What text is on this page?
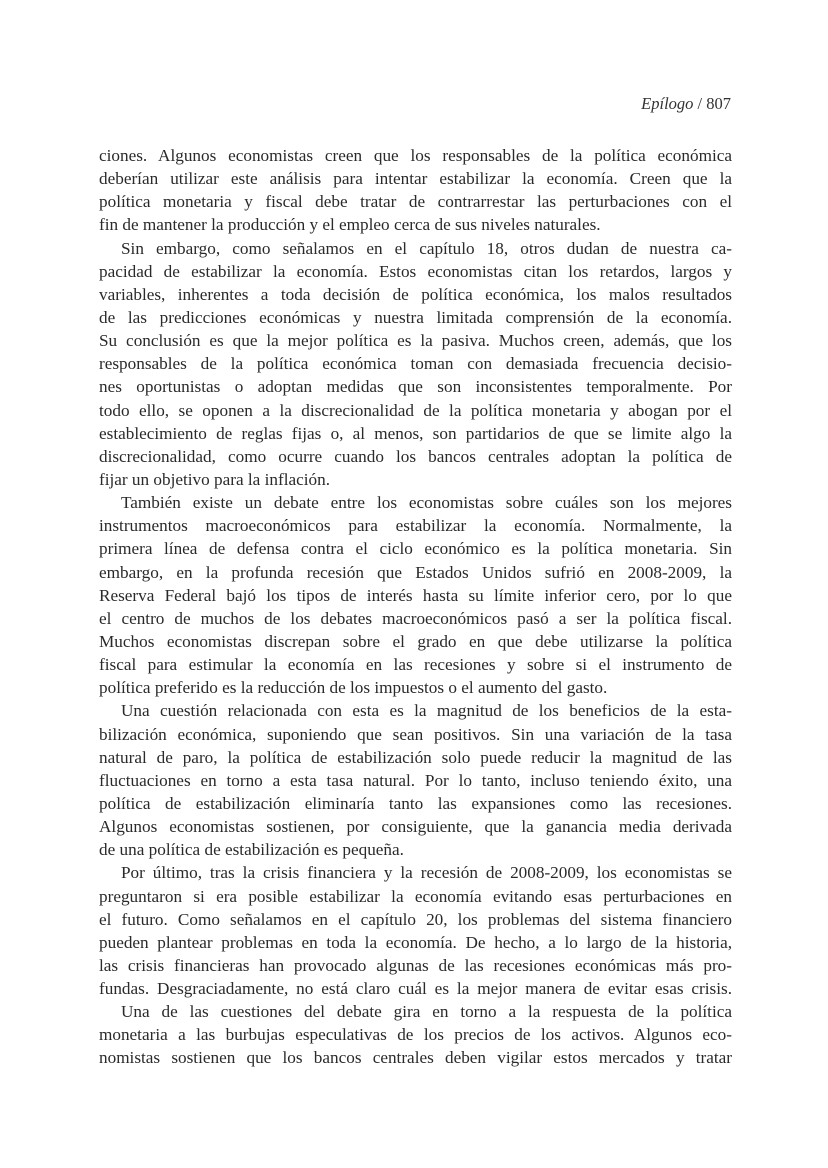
Epílogo / 807
ciones. Algunos economistas creen que los responsables de la política económica
deberían utilizar este análisis para intentar estabilizar la economía. Creen que la
política monetaria y fiscal debe tratar de contrarrestar las perturbaciones con el
fin de mantener la producción y el empleo cerca de sus niveles naturales.
Sin embargo, como señalamos en el capítulo 18, otros dudan de nuestra ca-
pacidad de estabilizar la economía. Estos economistas citan los retardos, largos y
variables, inherentes a toda decisión de política económica, los malos resultados
de las predicciones económicas y nuestra limitada comprensión de la economía.
Su conclusión es que la mejor política es la pasiva. Muchos creen, además, que los
responsables de la política económica toman con demasiada frecuencia decisio-
nes oportunistas o adoptan medidas que son inconsistentes temporalmente. Por
todo ello, se oponen a la discrecionalidad de la política monetaria y abogan por el
establecimiento de reglas fijas o, al menos, son partidarios de que se limite algo la
discrecionalidad, como ocurre cuando los bancos centrales adoptan la política de
fijar un objetivo para la inflación.
También existe un debate entre los economistas sobre cuáles son los mejores
instrumentos macroeconómicos para estabilizar la economía. Normalmente, la
primera línea de defensa contra el ciclo económico es la política monetaria. Sin
embargo, en la profunda recesión que Estados Unidos sufrió en 2008-2009, la
Reserva Federal bajó los tipos de interés hasta su límite inferior cero, por lo que
el centro de muchos de los debates macroeconómicos pasó a ser la política fiscal.
Muchos economistas discrepan sobre el grado en que debe utilizarse la política
fiscal para estimular la economía en las recesiones y sobre si el instrumento de
política preferido es la reducción de los impuestos o el aumento del gasto.
Una cuestión relacionada con esta es la magnitud de los beneficios de la esta-
bilización económica, suponiendo que sean positivos. Sin una variación de la tasa
natural de paro, la política de estabilización solo puede reducir la magnitud de las
fluctuaciones en torno a esta tasa natural. Por lo tanto, incluso teniendo éxito, una
política de estabilización eliminaría tanto las expansiones como las recesiones.
Algunos economistas sostienen, por consiguiente, que la ganancia media derivada
de una política de estabilización es pequeña.
Por último, tras la crisis financiera y la recesión de 2008-2009, los economistas se
preguntaron si era posible estabilizar la economía evitando esas perturbaciones en
el futuro. Como señalamos en el capítulo 20, los problemas del sistema financiero
pueden plantear problemas en toda la economía. De hecho, a lo largo de la historia,
las crisis financieras han provocado algunas de las recesiones económicas más pro-
fundas. Desgraciadamente, no está claro cuál es la mejor manera de evitar esas crisis.
Una de las cuestiones del debate gira en torno a la respuesta de la política
monetaria a las burbujas especulativas de los precios de los activos. Algunos eco-
nomistas sostienen que los bancos centrales deben vigilar estos mercados y tratar
